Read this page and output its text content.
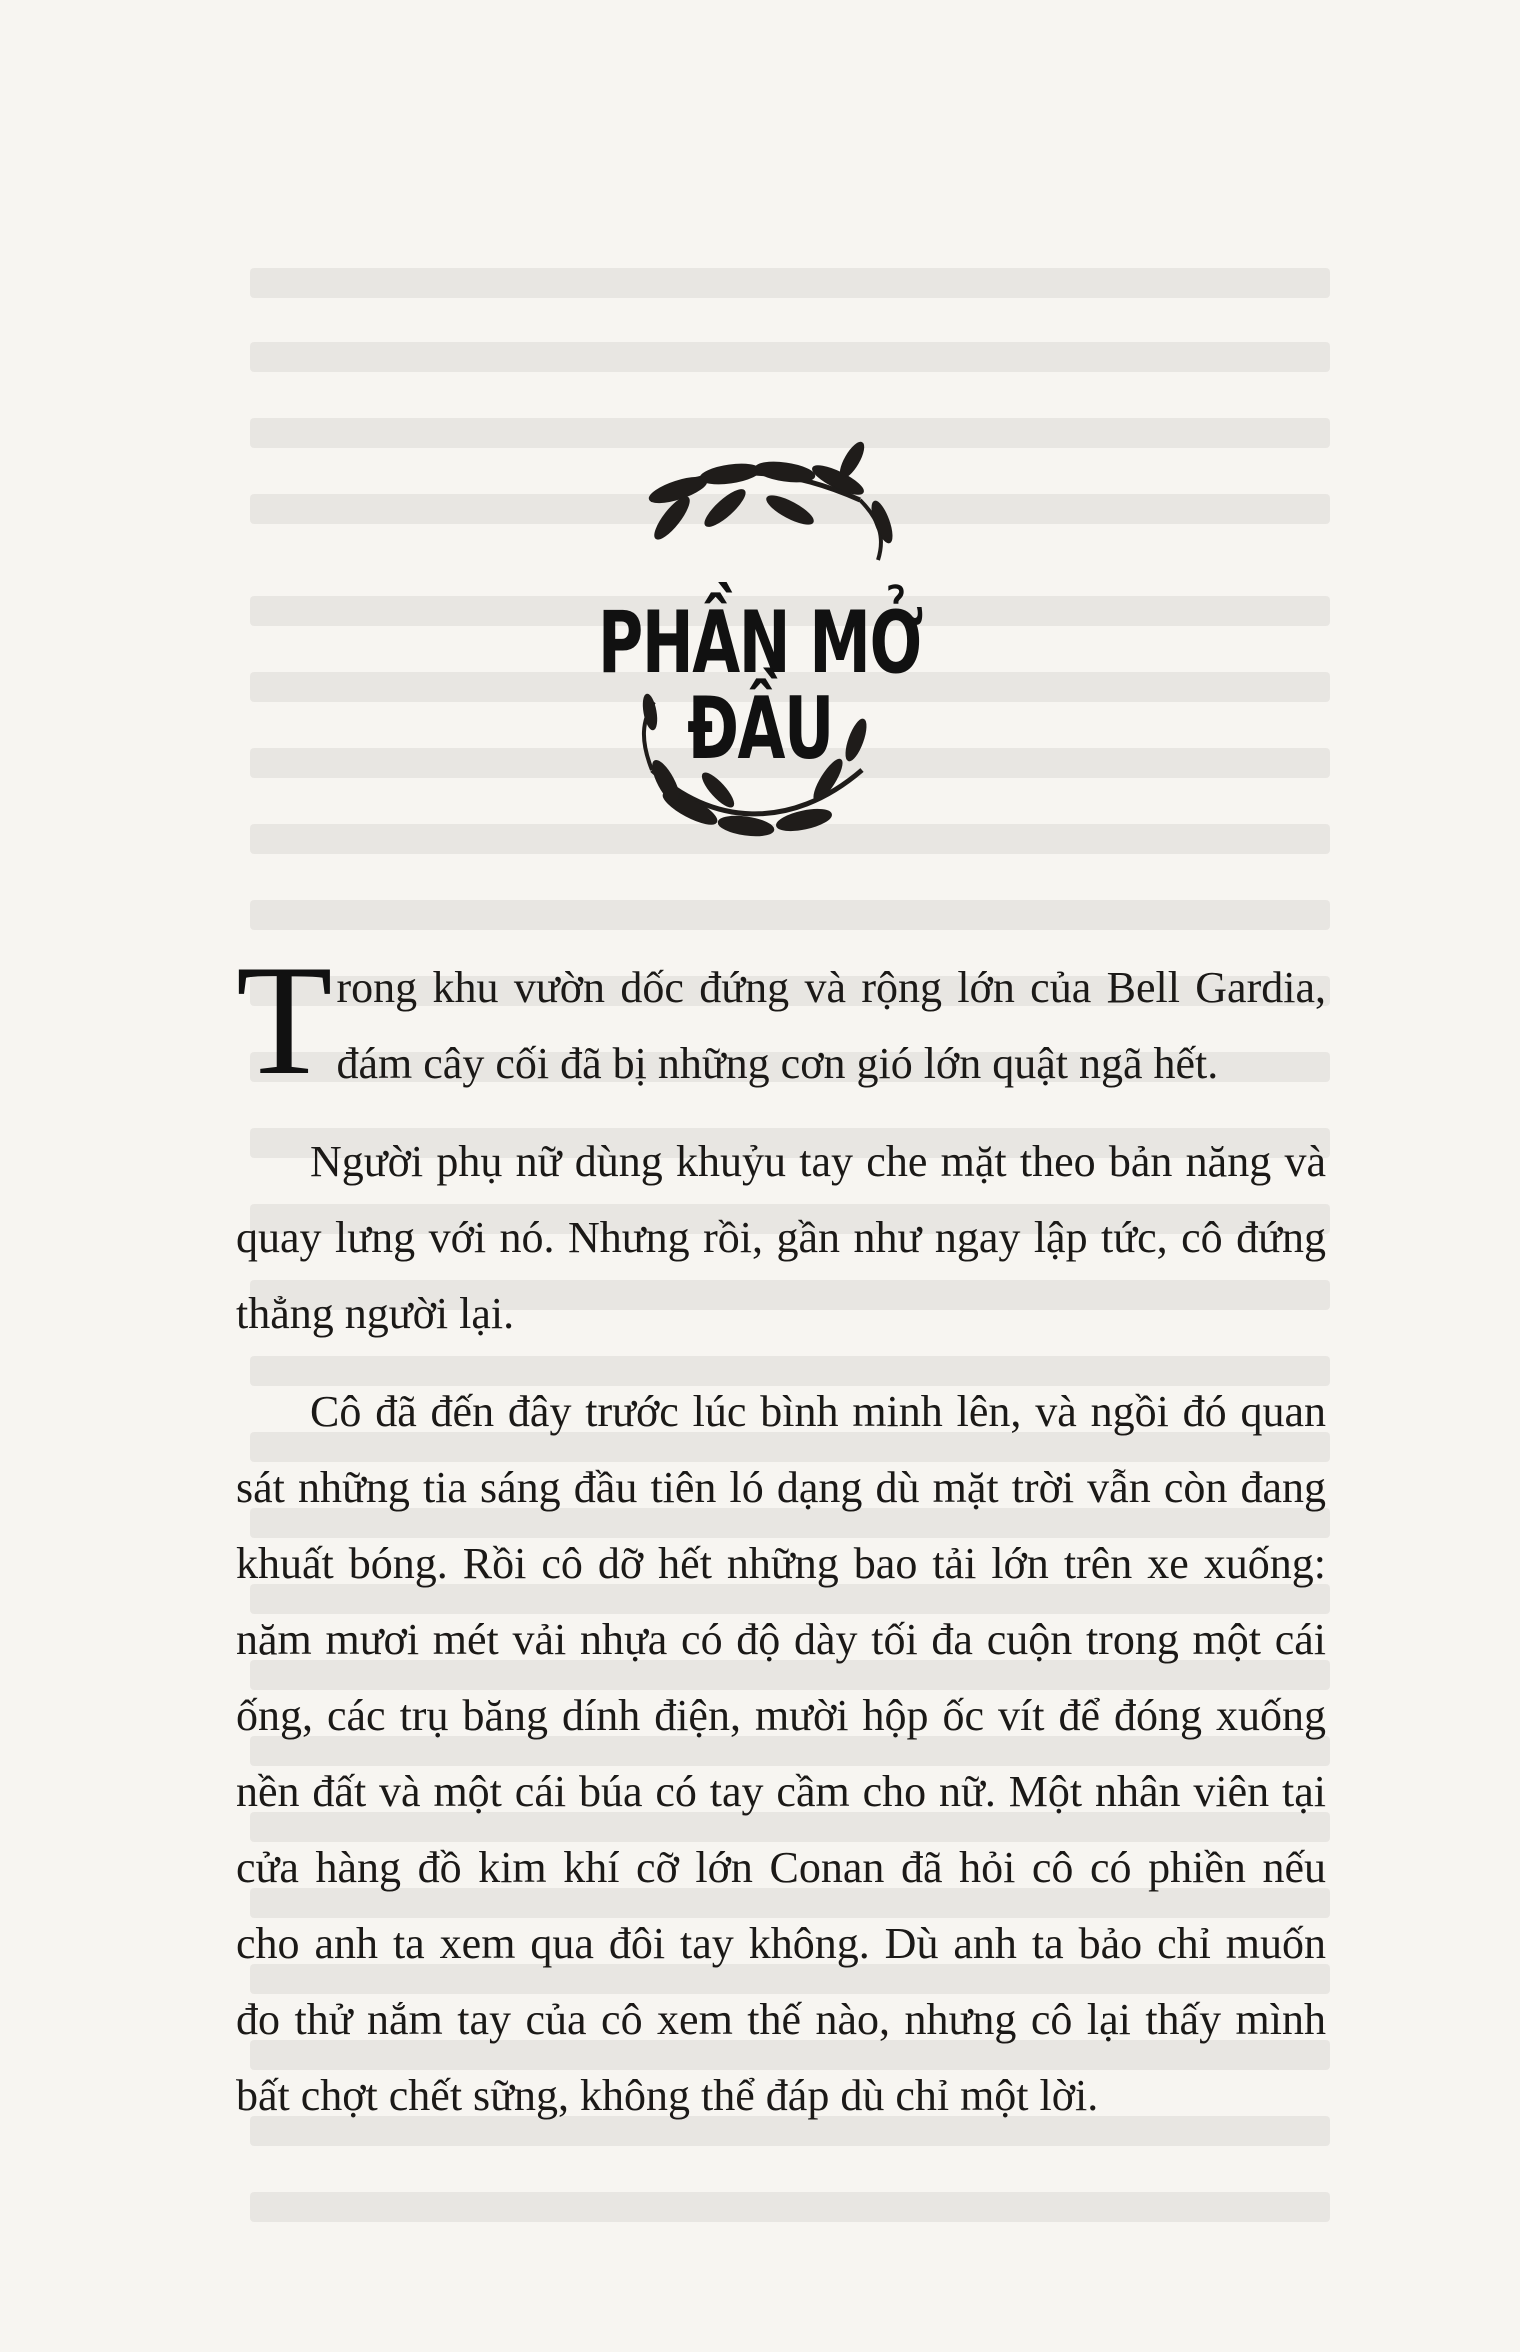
PHẦN MỞ ĐẦU

Trong khu vườn dốc đứng và rộng lớn của Bell Gardia, đám cây cối đã bị những cơn gió lớn quật ngã hết.

Người phụ nữ dùng khuỷu tay che mặt theo bản năng và quay lưng với nó. Nhưng rồi, gần như ngay lập tức, cô đứng thẳng người lại.

Cô đã đến đây trước lúc bình minh lên, và ngồi đó quan sát những tia sáng đầu tiên ló dạng dù mặt trời vẫn còn đang khuất bóng. Rồi cô dỡ hết những bao tải lớn trên xe xuống: năm mươi mét vải nhựa có độ dày tối đa cuộn trong một cái ống, các trụ băng dính điện, mười hộp ốc vít để đóng xuống nền đất và một cái búa có tay cầm cho nữ. Một nhân viên tại cửa hàng đồ kim khí cỡ lớn Conan đã hỏi cô có phiền nếu cho anh ta xem qua đôi tay không. Dù anh ta bảo chỉ muốn đo thử nắm tay của cô xem thế nào, nhưng cô lại thấy mình bất chợt chết sững, không thể đáp dù chỉ một lời.
